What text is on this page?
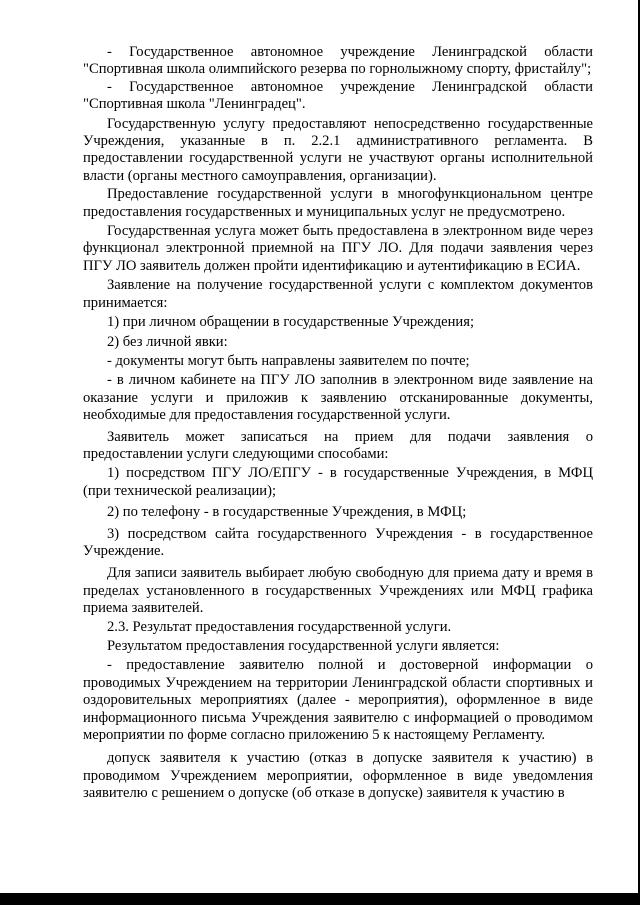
- Государственное автономное учреждение Ленинградской области "Спортивная школа олимпийского резерва по горнолыжному спорту, фристайлу";

- Государственное автономное учреждение Ленинградской области "Спортивная школа "Ленинградец".

Государственную услугу предоставляют непосредственно государственные Учреждения, указанные в п. 2.2.1 административного регламента. В предоставлении государственной услуги не участвуют органы исполнительной власти (органы местного самоуправления, организации).

Предоставление государственной услуги в многофункциональном центре предоставления государственных и муниципальных услуг не предусмотрено.

Государственная услуга может быть предоставлена в электронном виде через функционал электронной приемной на ПГУ ЛО. Для подачи заявления через ПГУ ЛО заявитель должен пройти идентификацию и аутентификацию в ЕСИА.

Заявление на получение государственной услуги с комплектом документов принимается:

1) при личном обращении в государственные Учреждения;

2) без личной явки:

- документы могут быть направлены заявителем по почте;

- в личном кабинете на ПГУ ЛО заполнив в электронном виде заявление на оказание услуги и приложив к заявлению отсканированные документы, необходимые для предоставления государственной услуги.

Заявитель может записаться на прием для подачи заявления о предоставлении услуги следующими способами:

1) посредством ПГУ ЛО/ЕПГУ - в государственные Учреждения, в МФЦ (при технической реализации);

2) по телефону - в государственные Учреждения, в МФЦ;

3) посредством сайта государственного Учреждения - в государственное Учреждение.

Для записи заявитель выбирает любую свободную для приема дату и время в пределах установленного в государственных Учреждениях или МФЦ графика приема заявителей.

2.3. Результат предоставления государственной услуги.

Результатом предоставления государственной услуги является:

- предоставление заявителю полной и достоверной информации о проводимых Учреждением на территории Ленинградской области спортивных и оздоровительных мероприятиях (далее - мероприятия), оформленное в виде информационного письма Учреждения заявителю с информацией о проводимом мероприятии по форме согласно приложению 5 к настоящему Регламенту.

допуск заявителя к участию (отказ в допуске заявителя к участию) в проводимом Учреждением мероприятии, оформленное в виде уведомления заявителю с решением о допуске (об отказе в допуске) заявителя к участию в
